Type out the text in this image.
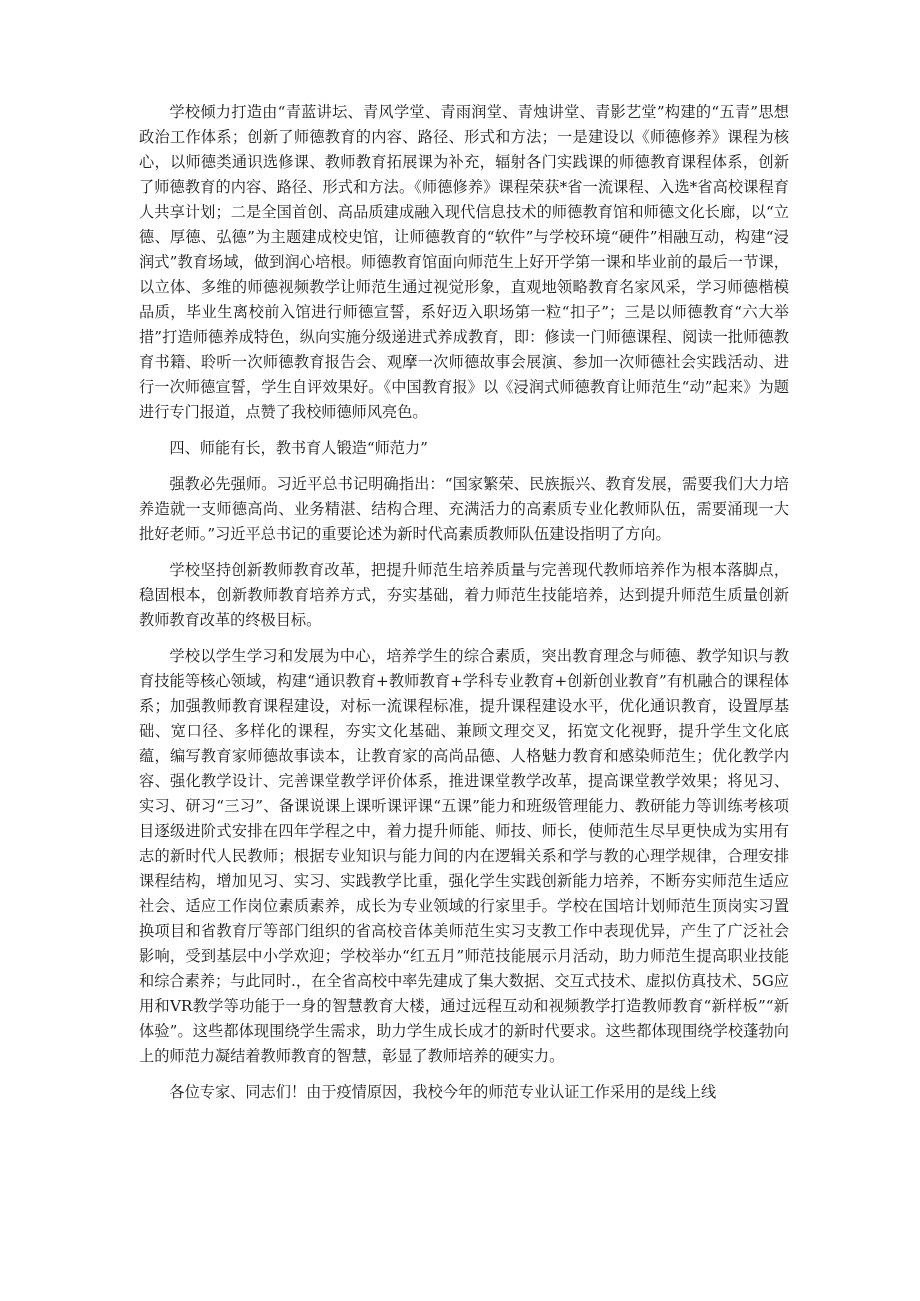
学校倾力打造由“青蓝讲坛、青风学堂、青雨润堂、青烛讲堂、青影艺堂”构建的“五青”思想政治工作体系；创新了师德教育的内容、路径、形式和方法；一是建设以《师德修养》课程为核心，以师德类通识选修课、教师教育拓展课为补充，辐射各门实践课的师德教育课程体系，创新了师德教育的内容、路径、形式和方法。《师德修养》课程荣获*省一流课程、入选*省高校课程育人共享计划；二是全国首创、高品质建成融入现代信息技术的师德教育馆和师德文化长廊，以“立德、厚德、弘德”为主题建成校史馆，让师德教育的“软件”与学校环境“硬件”相融互动，构建“浸润式”教育场域，做到润心培根。师德教育馆面向师范生上好开学第一课和毕业前的最后一节课，以立体、多维的师德视频教学让师范生通过视觉形象，直观地领略教育名家风采，学习师德楷模品质，毕业生离校前入馆进行师德宣誓，系好迈入职场第一粒“扣子”；三是以师德教育“六大举措”打造师德养成特色，纵向实施分级递进式养成教育，即：修读一门师德课程、阅读一批师德教育书籍、聆听一次师德教育报告会、观摩一次师德故事会展演、参加一次师德社会实践活动、进行一次师德宣誓，学生自评效果好。《中国教育报》以《浸润式师德教育让师范生“动”起来》为题进行专门报道，点赞了我校师德师风亮色。

四、师能有长，教书育人锻造“师范力”

强教必先强师。习近平总书记明确指出：“国家繁荣、民族振兴、教育发展，需要我们大力培养造就一支师德高尚、业务精湛、结构合理、充满活力的高素质专业化教师队伍，需要涌现一大批好老师。”习近平总书记的重要论述为新时代高素质教师队伍建设指明了方向。

学校坚持创新教师教育改革，把提升师范生培养质量与完善现代教师培养作为根本落脚点，稳固根本，创新教师教育培养方式，夯实基础，着力师范生技能培养，达到提升师范生质量创新教师教育改革的终极目标。

学校以学生学习和发展为中心，培养学生的综合素质，突出教育理念与师德、教学知识与教育技能等核心领域，构建“通识教育+教师教育+学科专业教育+创新创业教育”有机融合的课程体系；加强教师教育课程建设，对标一流课程标准，提升课程建设水平，优化通识教育，设置厚基础、宽口径、多样化的课程，夯实文化基础、兼顾文理交叉，拓宽文化视野，提升学生文化底蕴，编写教育家师德故事读本，让教育家的高尚品德、人格魅力教育和感染师范生；优化教学内容、强化教学设计、完善课堂教学评价体系，推进课堂教学改革，提高课堂教学效果；将见习、实习、研习“三习”、备课说课上课听课评课“五课”能力和班级管理能力、教研能力等训练考核项目逐级进阶式安排在四年学程之中，着力提升师能、师技、师长，使师范生尽早更快成为实用有志的新时代人民教师；根据专业知识与能力间的内在逻辑关系和学与教的心理学规律，合理安排课程结构，增加见习、实习、实践教学比重，强化学生实践创新能力培养，不断夯实师范生适应社会、适应工作岗位素质素养，成长为专业领域的行家里手。学校在国培计划师范生顶岗实习置换项目和省教育厅等部门组织的省高校音体美师范生实习支教工作中表现优异，产生了广泛社会影响，受到基层中小学欢迎；学校举办“红五月”师范技能展示月活动，助力师范生提高职业技能和综合素养；与此同时.，在全省高校中率先建成了集大数据、交互式技术、虚拟仿真技术、5G应用和VR教学等功能于一身的智慧教育大楼，通过远程互动和视频教学打造教师教育“新样板”“新体验”。这些都体现围绕学生需求，助力学生成长成才的新时代要求。这些都体现围绕学校蓬勃向上的师范力凝结着教师教育的智慧，彰显了教师培养的硬实力。

各位专家、同志们！由于疫情原因，我校今年的师范专业认证工作采用的是线上线
